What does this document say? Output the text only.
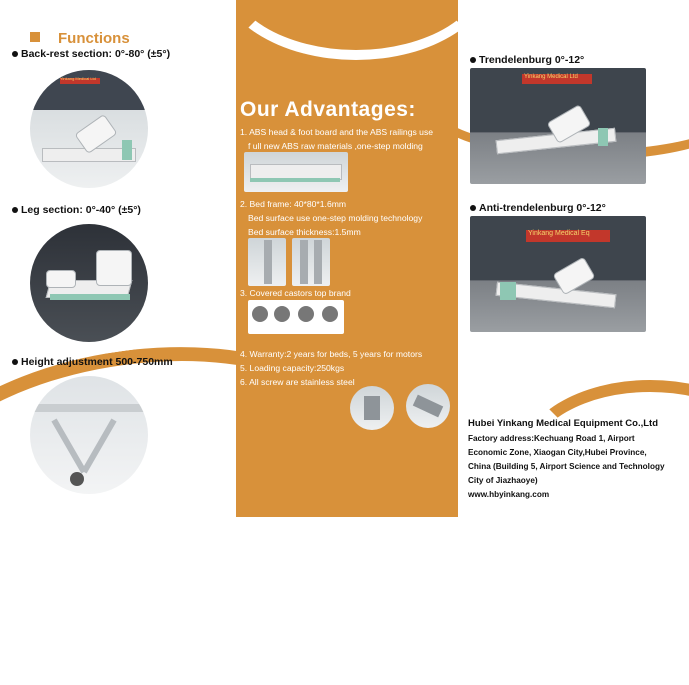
Functions
Back-rest section: 0°-80° (±5°)
Yinkang Medical Ltd
Leg section: 0°-40° (±5°)
Height adjustment 500-750mm
Our Advantages:
1. ABS head & foot board and the ABS railings use
f ull new ABS raw materials ,one-step molding
2. Bed frame: 40*80*1.6mm
Bed surface use one-step molding technology
Bed surface thickness:1.5mm
3. Covered castors top brand
4. Warranty:2 years for beds, 5 years for motors
5. Loading capacity:250kgs
6. All screw are stainless steel
Trendelenburg 0°-12°
Yinkang Medical Ltd
Anti-trendelenburg 0°-12°
Yinkang Medical Eq
Hubei Yinkang Medical Equipment Co.,Ltd
Factory address:Kechuang Road 1, Airport
Economic Zone, Xiaogan City,Hubei Province,
China (Building 5, Airport Science and Technology
City of Jiazhaoye)
www.hbyinkang.com
